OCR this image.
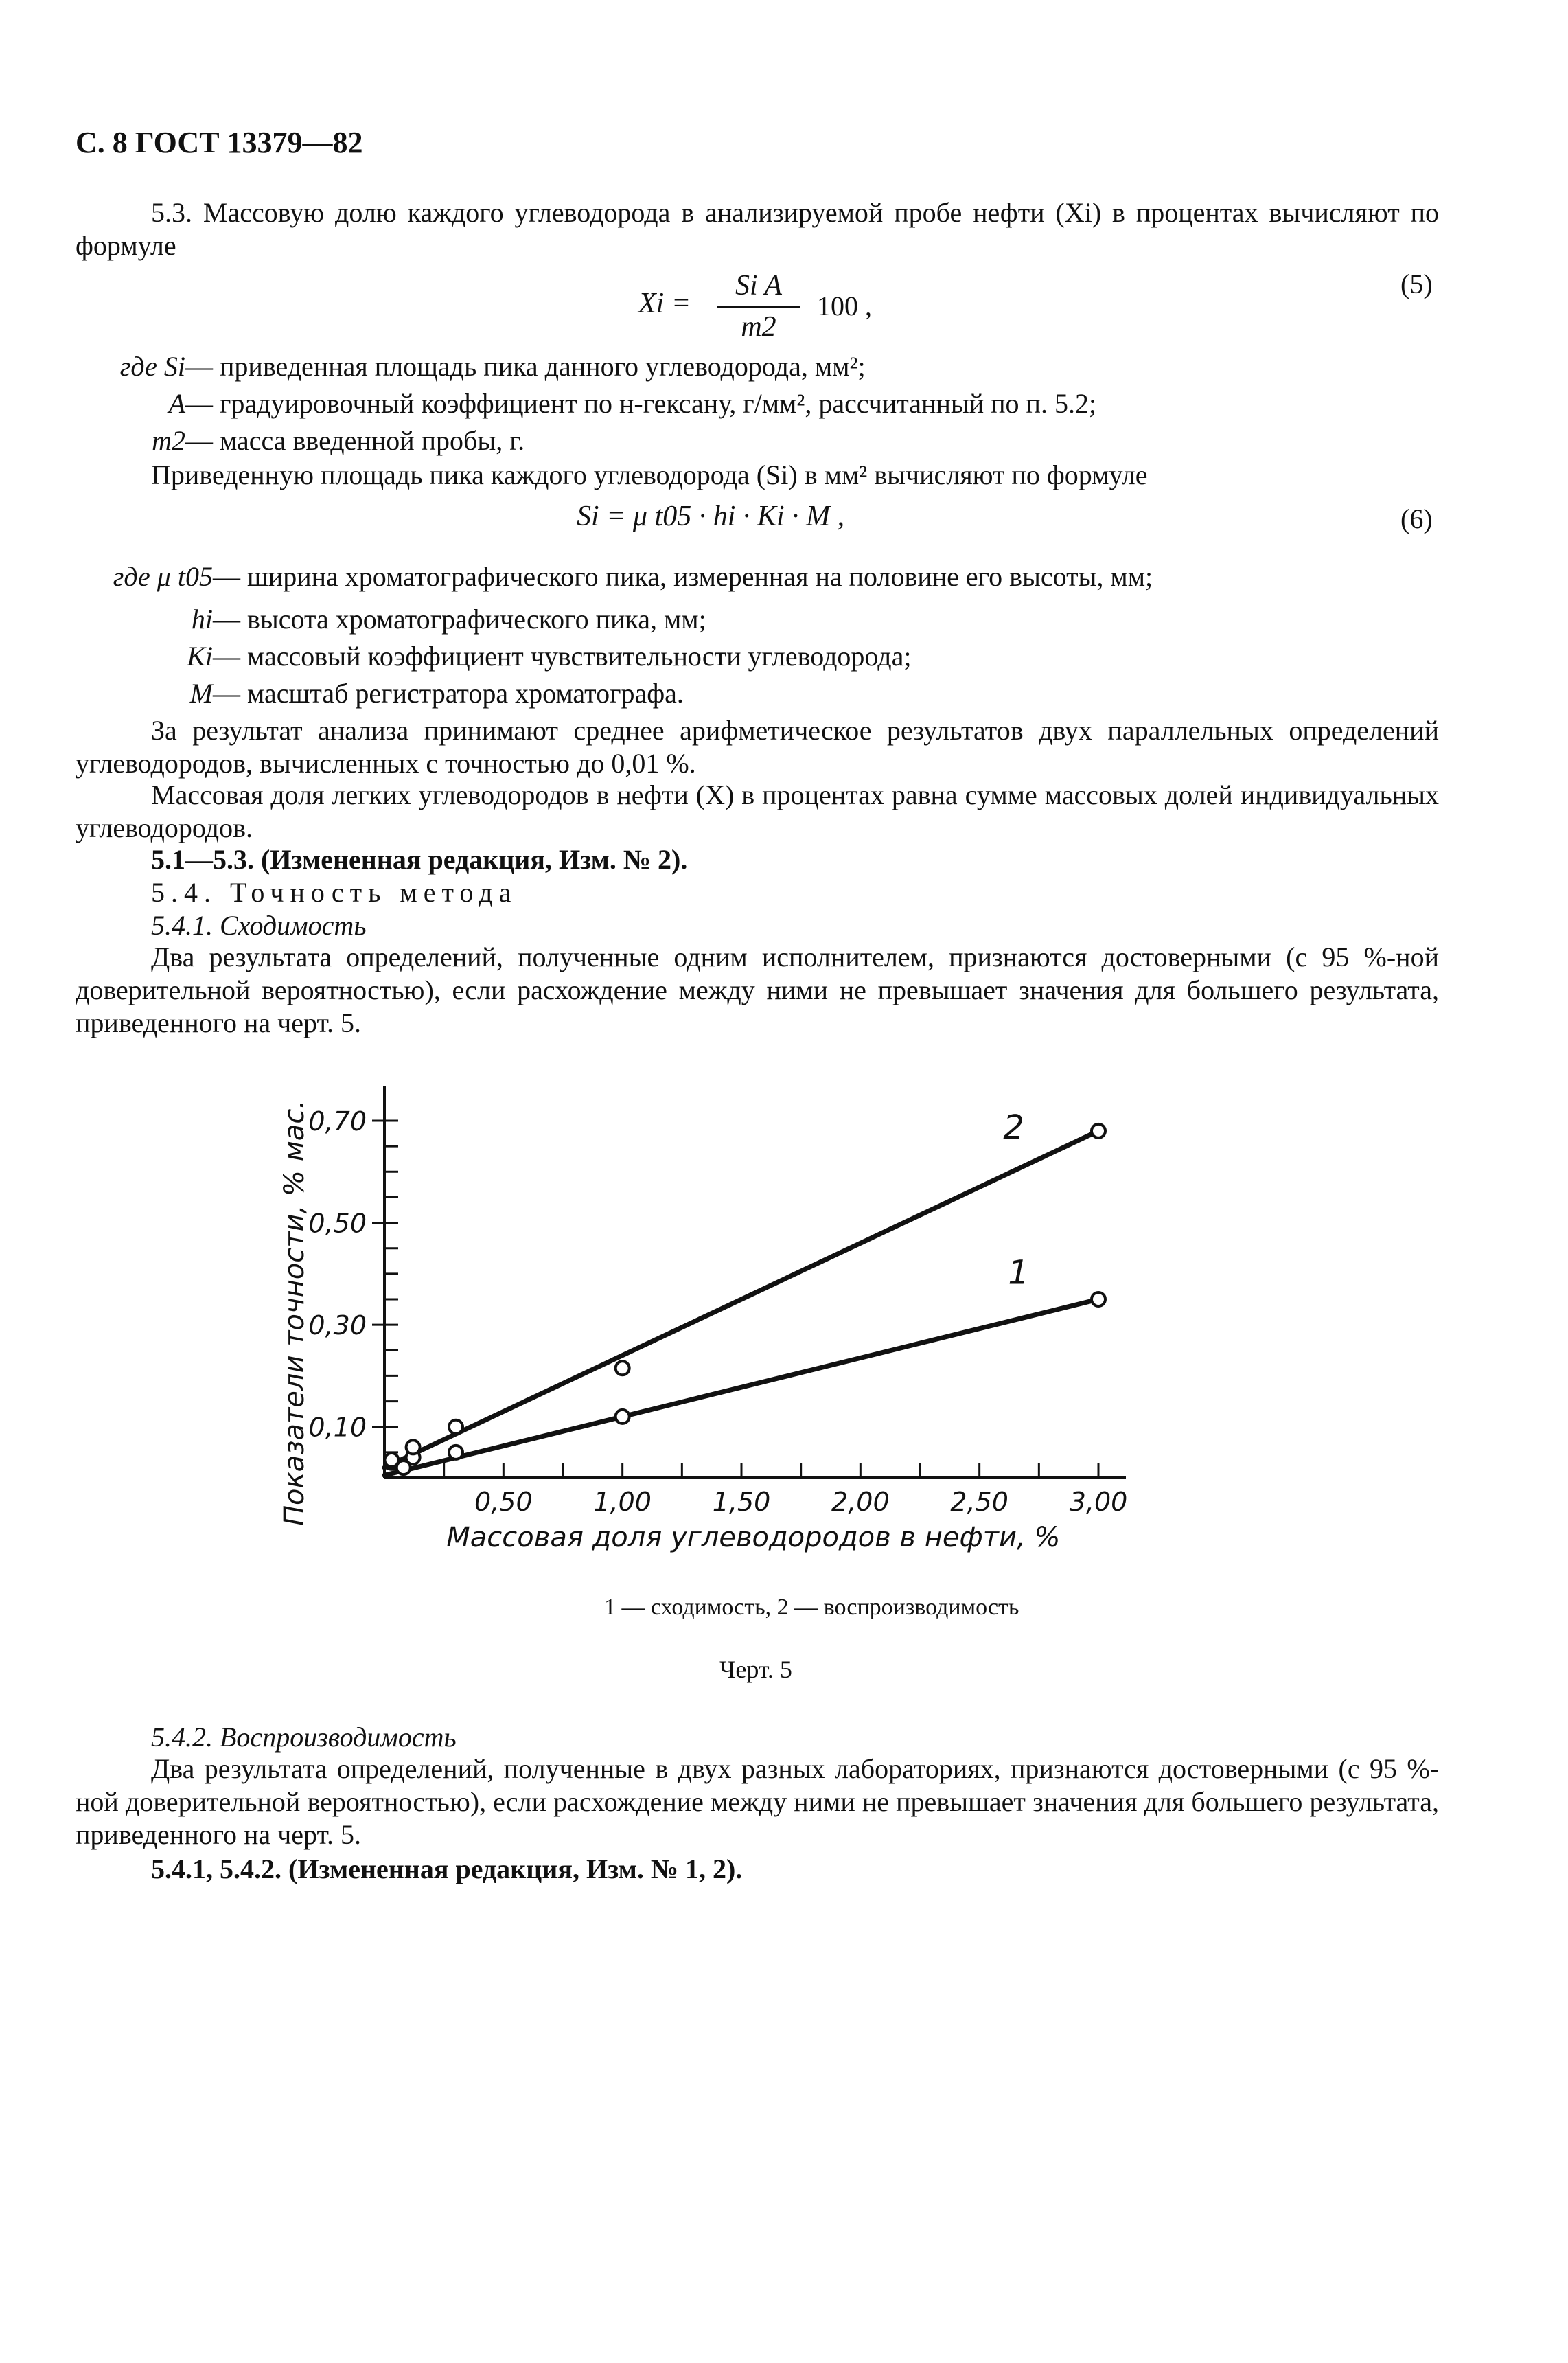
С. 8 ГОСТ 13379—82
5.3. Массовую долю каждого углеводорода в анализируемой пробе нефти (Xi) в процентах вычисляют по формуле
Xi =
Si A
m2
100 ,
(5)
где Si— приведенная площадь пика данного углеводорода, мм²;
A— градуировочный коэффициент по н-гексану, г/мм², рассчитанный по п. 5.2;
m2— масса введенной пробы, г.
Приведенную площадь пика каждого углеводорода (Si) в мм² вычисляют по формуле
Si = μ t05 · hi · Ki · M ,	(6)
где μ t05— ширина хроматографического пика, измеренная на половине его высоты, мм;
hi— высота хроматографического пика, мм;
Ki— массовый коэффициент чувствительности углеводорода;
M— масштаб регистратора хроматографа.
За результат анализа принимают среднее арифметическое результатов двух параллельных определений углеводородов, вычисленных с точностью до 0,01 %.
Массовая доля легких углеводородов в нефти (X) в процентах равна сумме массовых долей индивидуальных углеводородов.
5.1—5.3. (Измененная редакция, Изм. № 2).
5.4. Точность метода
5.4.1. Сходимость
Два результата определений, полученные одним исполнителем, признаются достоверными (с 95 %-ной доверительной вероятностью), если расхождение между ними не превышает значения для большего результата, приведенного на черт. 5.
0,50 1,00 1,50 2,00 2,50 3,00
0,10
0,30
0,50
0,70
Показатели точности, % мас.
Массовая доля углеводородов в нефти, %
1
2
1 — сходимость, 2 — воспроизводимость
Черт. 5
5.4.2. Воспроизводимость
Два результата определений, полученные в двух разных лабораториях, признаются достоверными (с 95 %-ной доверительной вероятностью), если расхождение между ними не превышает значения для большего результата, приведенного на черт. 5.
5.4.1, 5.4.2. (Измененная редакция, Изм. № 1, 2).
